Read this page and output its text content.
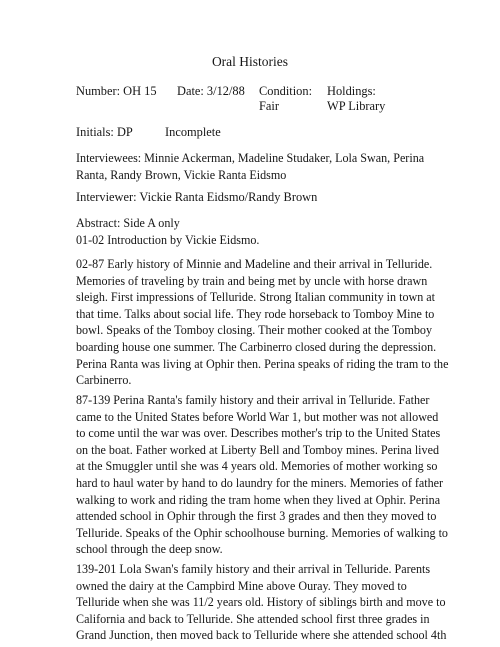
Oral Histories
Number: OH 15 Date: 3/12/88 Condition:
Fair
Holdings:
WP Library
Initials: DP	Incomplete
Interviewees: Minnie Ackerman, Madeline Studaker, Lola Swan, Perina
Ranta, Randy Brown, Vickie Ranta Eidsmo
Interviewer: Vickie Ranta Eidsmo/Randy Brown
Abstract: Side A only
01-02 Introduction by Vickie Eidsmo.
02-87 Early history of Minnie and Madeline and their arrival in Telluride.
Memories of traveling by train and being met by uncle with horse drawn
sleigh. First impressions of Telluride. Strong Italian community in town at
that time. Talks about social life. They rode horseback to Tomboy Mine to
bowl. Speaks of the Tomboy closing. Their mother cooked at the Tomboy
boarding house one summer. The Carbinerro closed during the depression.
Perina Ranta was living at Ophir then. Perina speaks of riding the tram to the
Carbinerro.
87-139 Perina Ranta's family history and their arrival in Telluride. Father
came to the United States before World War 1, but mother was not allowed
to come until the war was over. Describes mother's trip to the United States
on the boat. Father worked at Liberty Bell and Tomboy mines. Perina lived
at the Smuggler until she was 4 years old. Memories of mother working so
hard to haul water by hand to do laundry for the miners. Memories of father
walking to work and riding the tram home when they lived at Ophir. Perina
attended school in Ophir through the first 3 grades and then they moved to
Telluride. Speaks of the Ophir schoolhouse burning. Memories of walking to
school through the deep snow.
139-201 Lola Swan's family history and their arrival in Telluride. Parents
owned the dairy at the Campbird Mine above Ouray. They moved to
Telluride when she was 11/2 years old. History of siblings birth and move to
California and back to Telluride. She attended school first three grades in
Grand Junction, then moved back to Telluride where she attended school 4th
